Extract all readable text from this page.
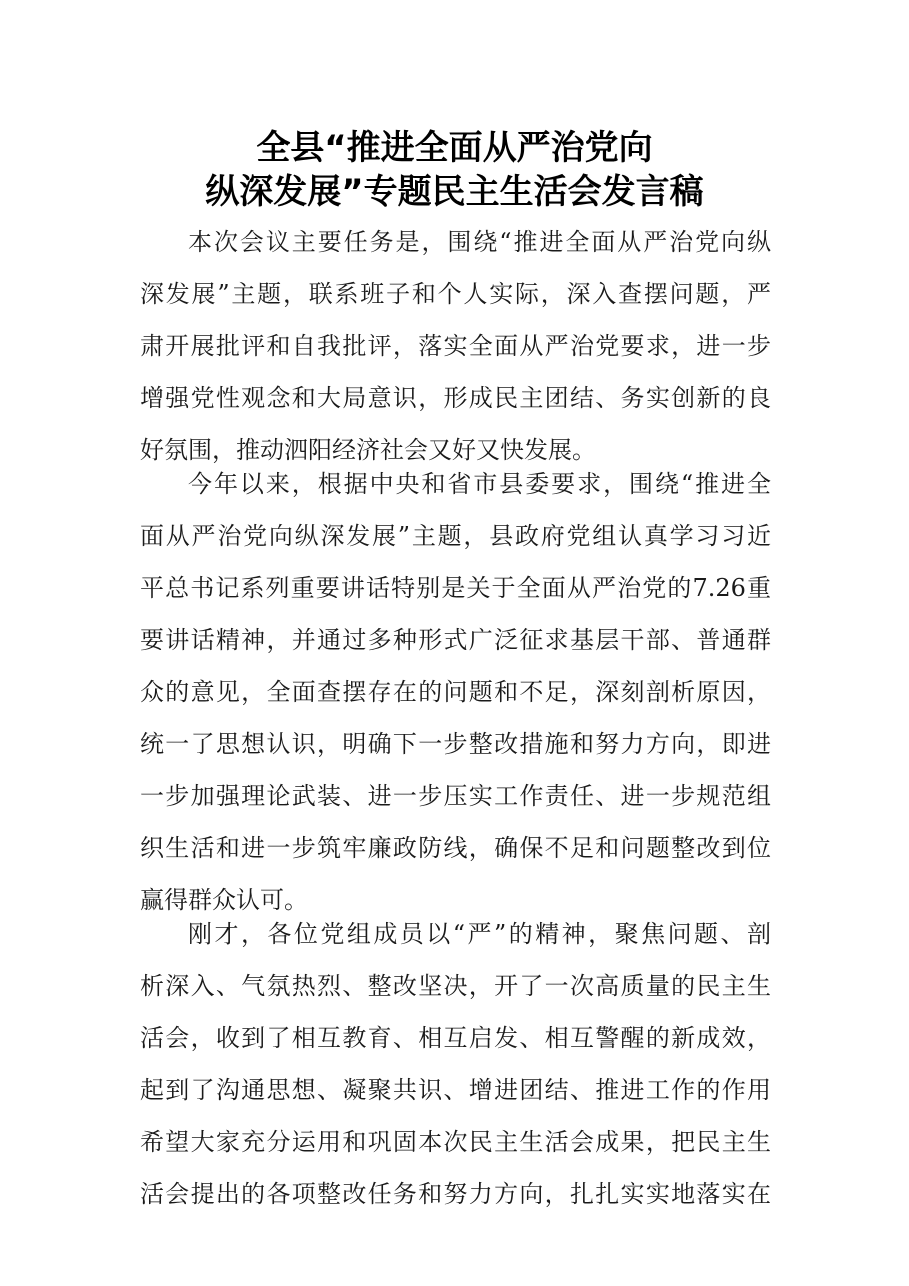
全县“推进全面从严治党向
纵深发展”专题民主生活会发言稿
本次会议主要任务是，围绕“推进全面从严治党向纵
深发展”主题，联系班子和个人实际，深入查摆问题，严
肃开展批评和自我批评，落实全面从严治党要求，进一步
增强党性观念和大局意识，形成民主团结、务实创新的良
好氛围，推动泗阳经济社会又好又快发展。
今年以来，根据中央和省市县委要求，围绕“推进全
面从严治党向纵深发展”主题，县政府党组认真学习习近
平总书记系列重要讲话特别是关于全面从严治党的7.26重
要讲话精神，并通过多种形式广泛征求基层干部、普通群
众的意见，全面查摆存在的问题和不足，深刻剖析原因，
统一了思想认识，明确下一步整改措施和努力方向，即进
一步加强理论武装、进一步压实工作责任、进一步规范组
织生活和进一步筑牢廉政防线，确保不足和问题整改到位
赢得群众认可。
刚才，各位党组成员以“严”的精神，聚焦问题、剖
析深入、气氛热烈、整改坚决，开了一次高质量的民主生
活会，收到了相互教育、相互启发、相互警醒的新成效，
起到了沟通思想、凝聚共识、增进团结、推进工作的作用
希望大家充分运用和巩固本次民主生活会成果，把民主生
活会提出的各项整改任务和努力方向，扎扎实实地落实在
